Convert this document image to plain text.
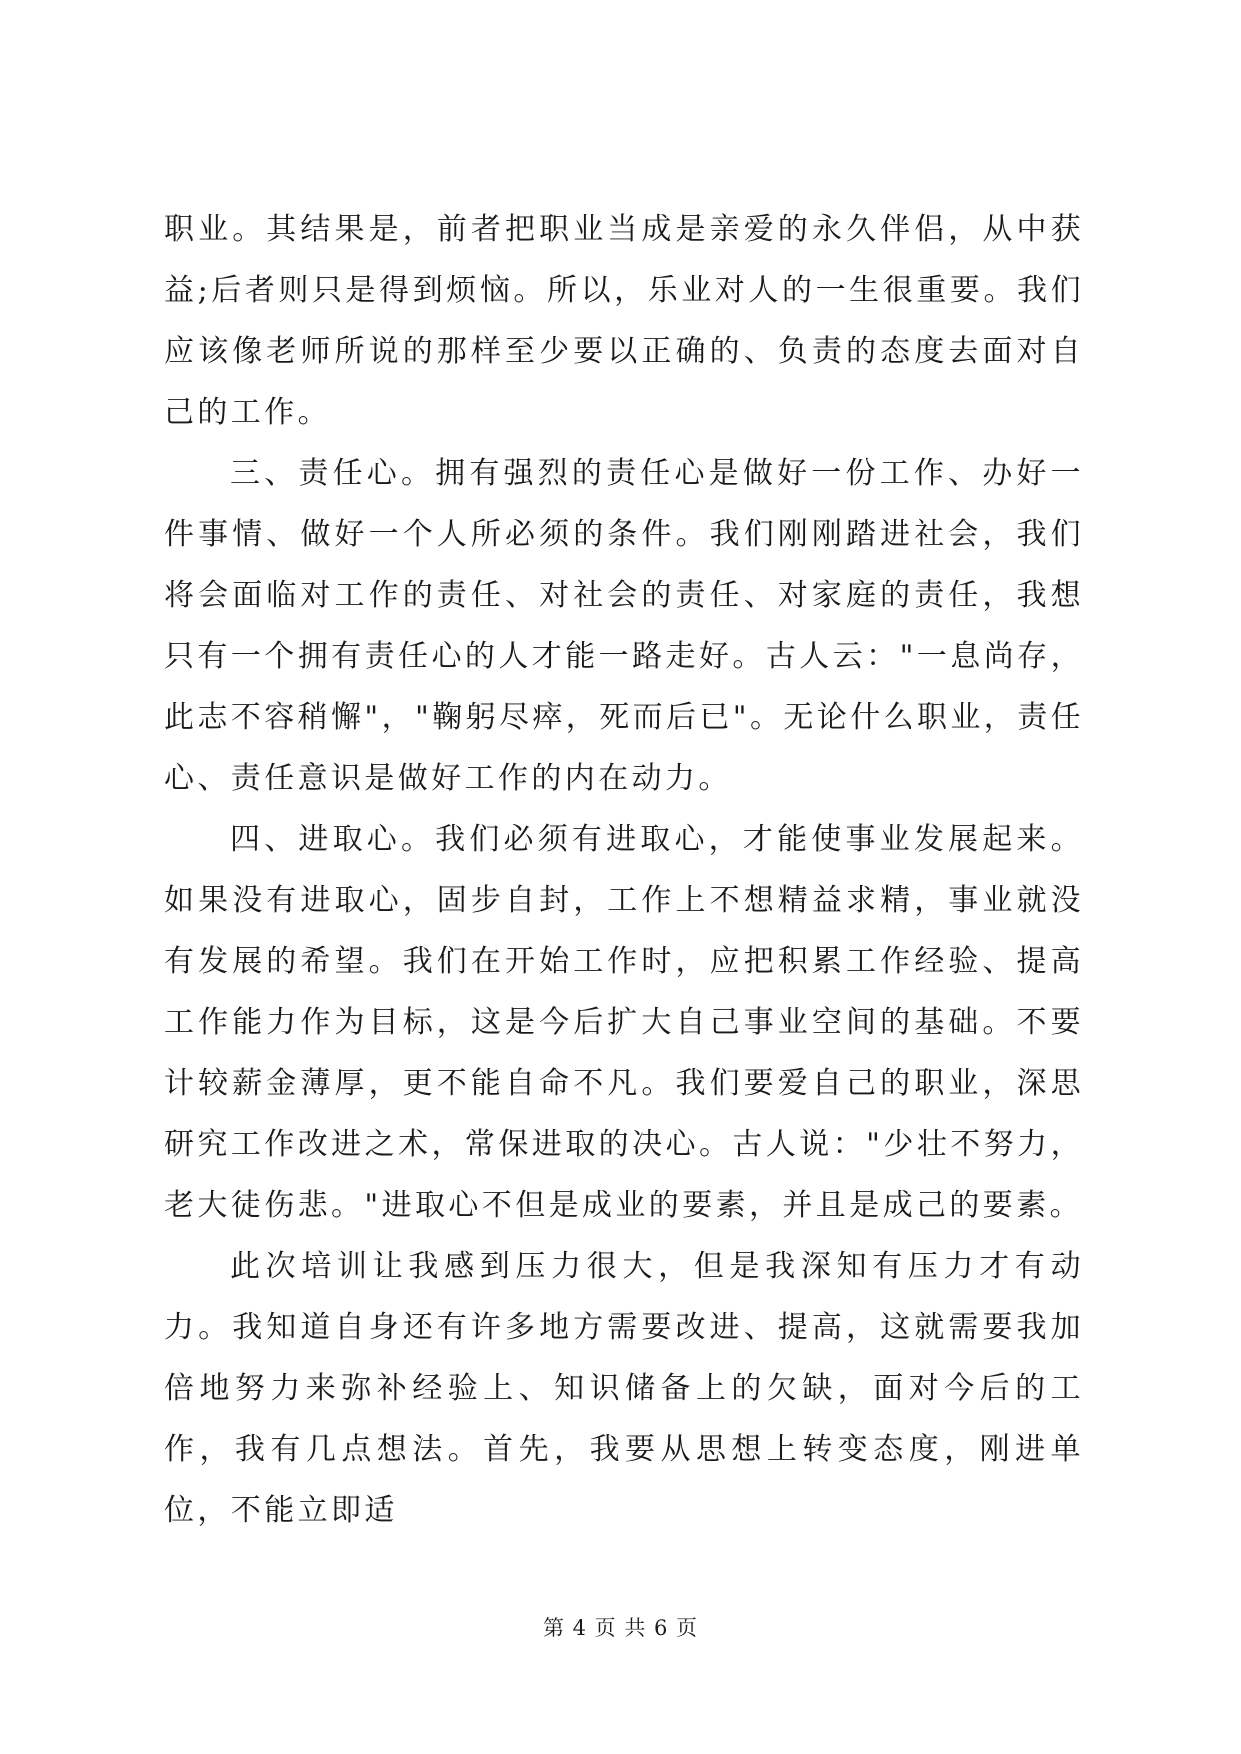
职业。其结果是，前者把职业当成是亲爱的永久伴侣，从中获益;后者则只是得到烦恼。所以，乐业对人的一生很重要。我们应该像老师所说的那样至少要以正确的、负责的态度去面对自己的工作。

三、责任心。拥有强烈的责任心是做好一份工作、办好一件事情、做好一个人所必须的条件。我们刚刚踏进社会，我们将会面临对工作的责任、对社会的责任、对家庭的责任，我想只有一个拥有责任心的人才能一路走好。古人云："一息尚存，此志不容稍懈"，"鞠躬尽瘁，死而后已"。无论什么职业，责任心、责任意识是做好工作的内在动力。

四、进取心。我们必须有进取心，才能使事业发展起来。如果没有进取心，固步自封，工作上不想精益求精，事业就没有发展的希望。我们在开始工作时，应把积累工作经验、提高工作能力作为目标，这是今后扩大自己事业空间的基础。不要计较薪金薄厚，更不能自命不凡。我们要爱自己的职业，深思研究工作改进之术，常保进取的决心。古人说："少壮不努力，老大徒伤悲。"进取心不但是成业的要素，并且是成己的要素。

此次培训让我感到压力很大，但是我深知有压力才有动力。我知道自身还有许多地方需要改进、提高，这就需要我加倍地努力来弥补经验上、知识储备上的欠缺，面对今后的工作，我有几点想法。首先，我要从思想上转变态度，刚进单位，不能立即适

第 4 页 共 6 页
